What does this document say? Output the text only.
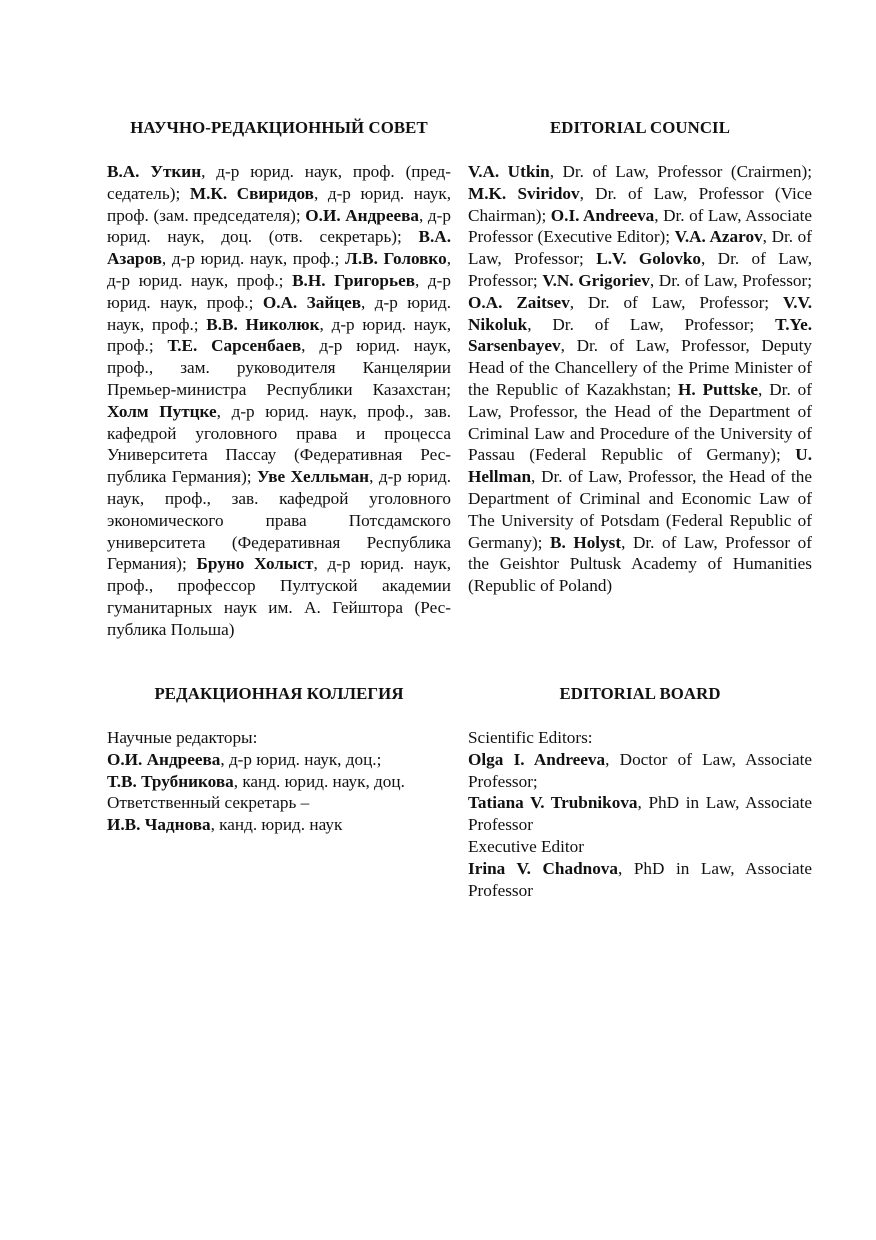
НАУЧНО-РЕДАКЦИОННЫЙ СОВЕТ

В.А. Уткин, д-р юрид. наук, проф. (председатель); М.К. Свиридов, д-р юрид. наук, проф. (зам. председателя); О.И. Андреева, д-р юрид. наук, доц. (отв. секретарь); В.А. Азаров, д-р юрид. наук, проф.; Л.В. Головко, д-р юрид. наук, проф.; В.Н. Григорьев, д-р юрид. наук, проф.; О.А. Зайцев, д-р юрид. наук, проф.; В.В. Николюк, д-р юрид. наук, проф.; Т.Е. Сарсенбаев, д-р юрид. наук, проф., зам. руководителя Канцелярии Премьер-министра Республики Казахстан; Холм Путцке, д-р юрид. наук, проф., зав. кафедрой уголовного права и процесса Университета Пассау (Федеративная Республика Германия); Уве Хелльман, д-р юрид. наук, проф., зав. кафедрой уголовного экономического права Потсдамского университета (Федеративная Республика Германия); Бруно Холыст, д-р юрид. наук, проф., профессор Пултуской академии гуманитарных наук им. А. Гейштора (Республика Польша)

EDITORIAL COUNCIL

V.A. Utkin, Dr. of Law, Professor (Crairmen); M.K. Sviridov, Dr. of Law, Professor (Vice Chairman); O.I. Andreeva, Dr. of Law, Associate Professor (Executive Editor); V.A. Azarov, Dr. of Law, Professor; L.V. Golovko, Dr. of Law, Professor; V.N. Grigoriev, Dr. of Law, Professor; O.A. Zaitsev, Dr. of Law, Professor; V.V. Nikoluk, Dr. of Law, Professor; T.Ye. Sarsenbayev, Dr. of Law, Professor, Deputy Head of the Chancellery of the Prime Minister of the Republic of Kazakhstan; H. Puttske, Dr. of Law, Professor, the Head of the Department of Criminal Law and Procedure of the University of Passau (Federal Republic of Germany); U. Hellman, Dr. of Law, Professor, the Head of the Department of Criminal and Economic Law of The University of Potsdam (Federal Republic of Germany); B. Holyst, Dr. of Law, Professor of the Geishtor Pultusk Academy of Humanities (Republic of Poland)

РЕДАКЦИОННАЯ КОЛЛЕГИЯ

Научные редакторы:

О.И. Андреева, д-р юрид. наук, доц.;

Т.В. Трубникова, канд. юрид. наук, доц.

Ответственный секретарь –

И.В. Чаднова, канд. юрид. наук

EDITORIAL BOARD

Scientific Editors:

Olga I. Andreeva, Doctor of Law, Associate Professor;

Tatiana V. Trubnikova, PhD in Law, Associate Professor

Executive Editor

Irina V. Chadnova, PhD in Law, Associate Professor
